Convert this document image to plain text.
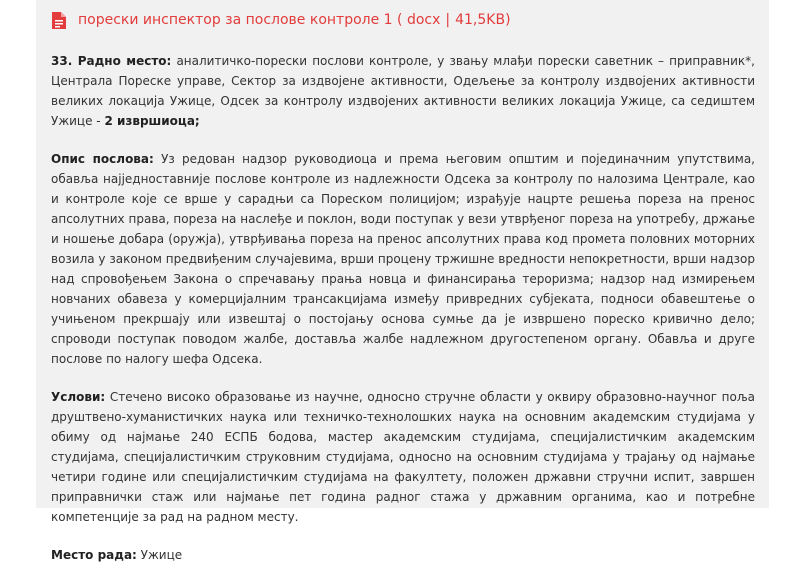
порески инспектор за послове контроле 1
( docx | 41,5KB)

33. Радно место: аналитичко-порески послови контроле, у звању млађи порески саветник – приправник*, Централа Пореске управе, Сектор за издвојене активности, Одељење за контролу издвојених активности великих локација Ужице, Одсек за контролу издвојених активности великих локација Ужице, са седиштем Ужице - 2 извршиоца;

Опис послова: Уз редован надзор руководиоца и према његовим општим и појединачним упутствима, обавља најједноставније послове контроле из надлежности Одсека за контролу по налозима Централе, као и контроле које се врше у сарадњи са Пореском полицијом; израђује нацрте решења пореза на пренос апсолутних права, пореза на наслеђе и поклон, води поступак у вези утврђеног пореза на употребу, држање и ношење добара (оружја), утврђивања пореза на пренос апсолутних права код промета половних моторних возила у законом предвиђеним случајевима, врши процену тржишне вредности непокретности, врши надзор над спровођењем Закона о спречавању прања новца и финансирања тероризма; надзор над измирењем новчаних обавеза у комерцијалним трансакцијама између привредних субјеката, подноси обавештење о учињеном прекршају или извештај о постојању основа сумње да је извршено пореско кривично дело; спроводи поступак поводом жалбе, доставља жалбе надлежном другостепеном органу. Обавља и друге послове по налогу шефа Одсека.

Услови: Стечено високо образовање из научне, односно стручне области у оквиру образовно-научног поља друштвено-хуманистичких наука или техничко-технолошких наука на основним академским студијама у обиму од најмање 240 ЕСПБ бодова, мастер академским студијама, специјалистичким академским студијама, специјалистичким струковним студијама, односно на основним студијама у трајању од најмање четири године или специјалистичким студијама на факултету, положен државни стручни испит, завршен приправнички стаж или најмање пет година радног стажа у државним органима, као и потребне компетенције за рад на радном месту.

Место рада: Ужице
